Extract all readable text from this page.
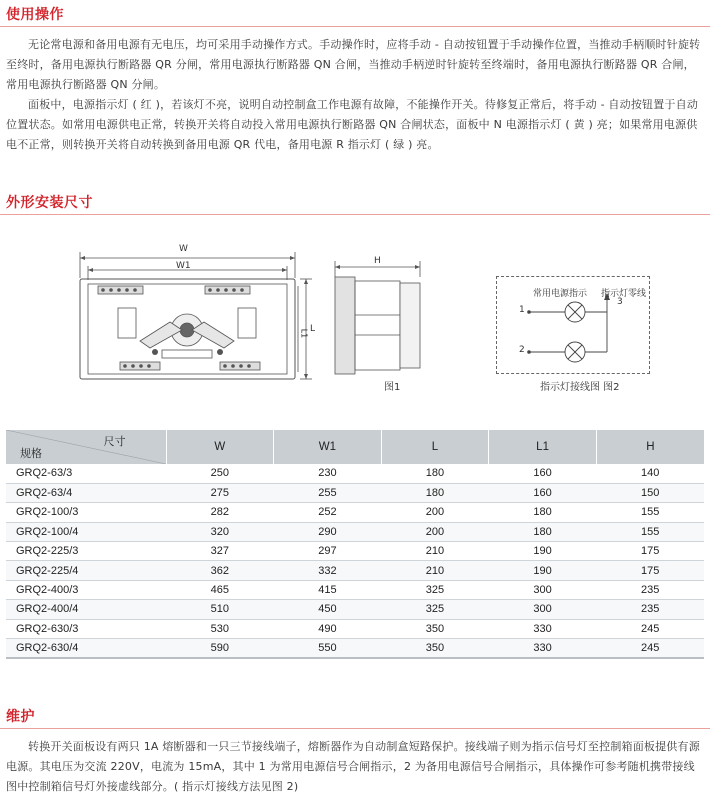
使用操作

无论常电源和备用电源有无电压，均可采用手动操作方式。手动操作时，应将手动 - 自动按钮置于手动操作位置，当推动手柄顺时针旋转至终时，备用电源执行断路器 QR 分闸，常用电源执行断路器 QN 合闸，当推动手柄逆时针旋转至终端时，备用电源执行断路器 QR 合闸，常用电源执行断路器 QN 分闸。

面板中，电源指示灯 ( 红 )，若该灯不亮，说明自动控制盒工作电源有故障，不能操作开关。待修复正常后，将手动 - 自动按钮置于自动位置状态。如常用电源供电正常，转换开关将自动投入常用电源执行断路器 QN 合闸状态，面板中 N 电源指示灯 ( 黄 ) 亮；如果常用电源供电不正常，则转换开关将自动转换到备用电源 QR 代电，备用电源 R 指示灯 ( 绿 ) 亮。

外形安装尺寸
W
W1
L
L1
H
图1
常用电源指示 指示灯零线
3
1
2
指示灯接线图 图2
尺寸
规格	W	W1	L	L1	H
GRQ2-63/3	250	230	180	160	140
GRQ2-63/4	275	255	180	160	150
GRQ2-100/3	282	252	200	180	155
GRQ2-100/4	320	290	200	180	155
GRQ2-225/3	327	297	210	190	175
GRQ2-225/4	362	332	210	190	175
GRQ2-400/3	465	415	325	300	235
GRQ2-400/4	510	450	325	300	235
GRQ2-630/3	530	490	350	330	245
GRQ2-630/4	590	550	350	330	245
维护

转换开关面板设有两只 1A 熔断器和一只三节接线端子，熔断器作为自动制盒短路保护。接线端子则为指示信号灯至控制箱面板提供有源电源。其电压为交流 220V，电流为 15mA，其中 1 为常用电源信号合闸指示，2 为备用电源信号合闸指示，具体操作可参考随机携带接线图中控制箱信号灯外接虚线部分。( 指示灯接线方法见图 2)
